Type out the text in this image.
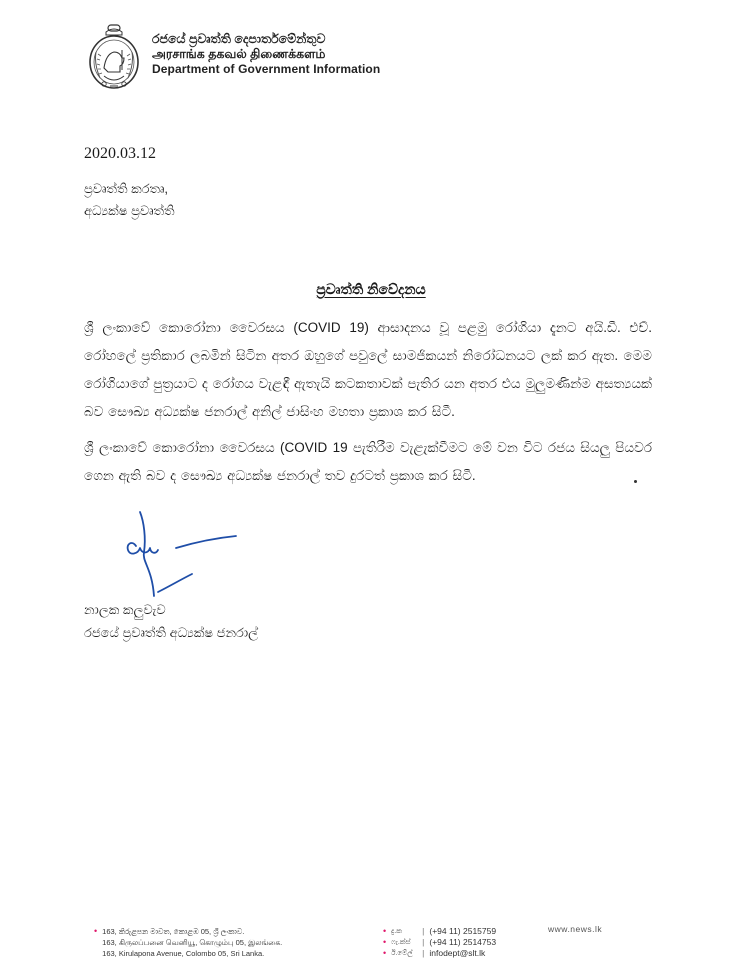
රජයේ ප්‍රවෘත්ති දෙපාර්තමේන්තුව
அரசாங்க தகவல் திணைக்களம்
Department of Government Information
2020.03.12
ප්‍රවෘත්ති කරතෘ,
අධ්‍යක්ෂ ප්‍රවෘත්ති
ප්‍රවෘත්ති නිවේදනය
ශ්‍රී ලංකාවේ කොරෝනා වෛරසය (COVID 19) ආසාදනය වූ පළමු රෝගියා දැනට අයි.ඩී. එච්. රෝහලේ ප්‍රතිකාර ලබමින් සිටින අතර ඔහුගේ පවුලේ සාමජිකයන් නිරෝධනයට ලක් කර ඇත. මෙම රෝගියාගේ පුත්‍රයාට ද රෝගය වැළඳී ඇතැයි කටකතාවක් පැතිර යන අතර එය මුලුමණින්ම අසත්‍යයක් බව සෞඛ්‍ය අධ්‍යක්ෂ ජනරාල් අනිල් ජාසිංහ මහතා ප්‍රකාශ කර සිටී.
ශ්‍රී ලංකාවේ කොරෝනා වෛරසය (COVID 19 පැතිරීම වැළැක්වීමට මේ වන විට රජය සියලු පියවර ගෙන ඇති බව ද සෞඛ්‍ය අධ්‍යක්ෂ ජනරාල් තව දුරටත් ප්‍රකාශ කර සිටී.
නාලක කලුවැව
රජයේ ප්‍රවෘත්ති අධ්‍යක්ෂ ජනරාල්
• 163, කිරුළපන මාවත, කොළඹ 05, ශ්‍රී ලංකාව.
163, கிருலப்பனை வெனியூ, கொழும்பு 05, இலங்கை.
163, Kirulapona Avenue, Colombo 05, Sri Lanka.
• දු.ක	| (+94 11) 2515759
• ෆැ.ක්ස්	| (+94 11) 2514753
• ඊ.මේල්	| infodept@slt.lk
www.news.lk
